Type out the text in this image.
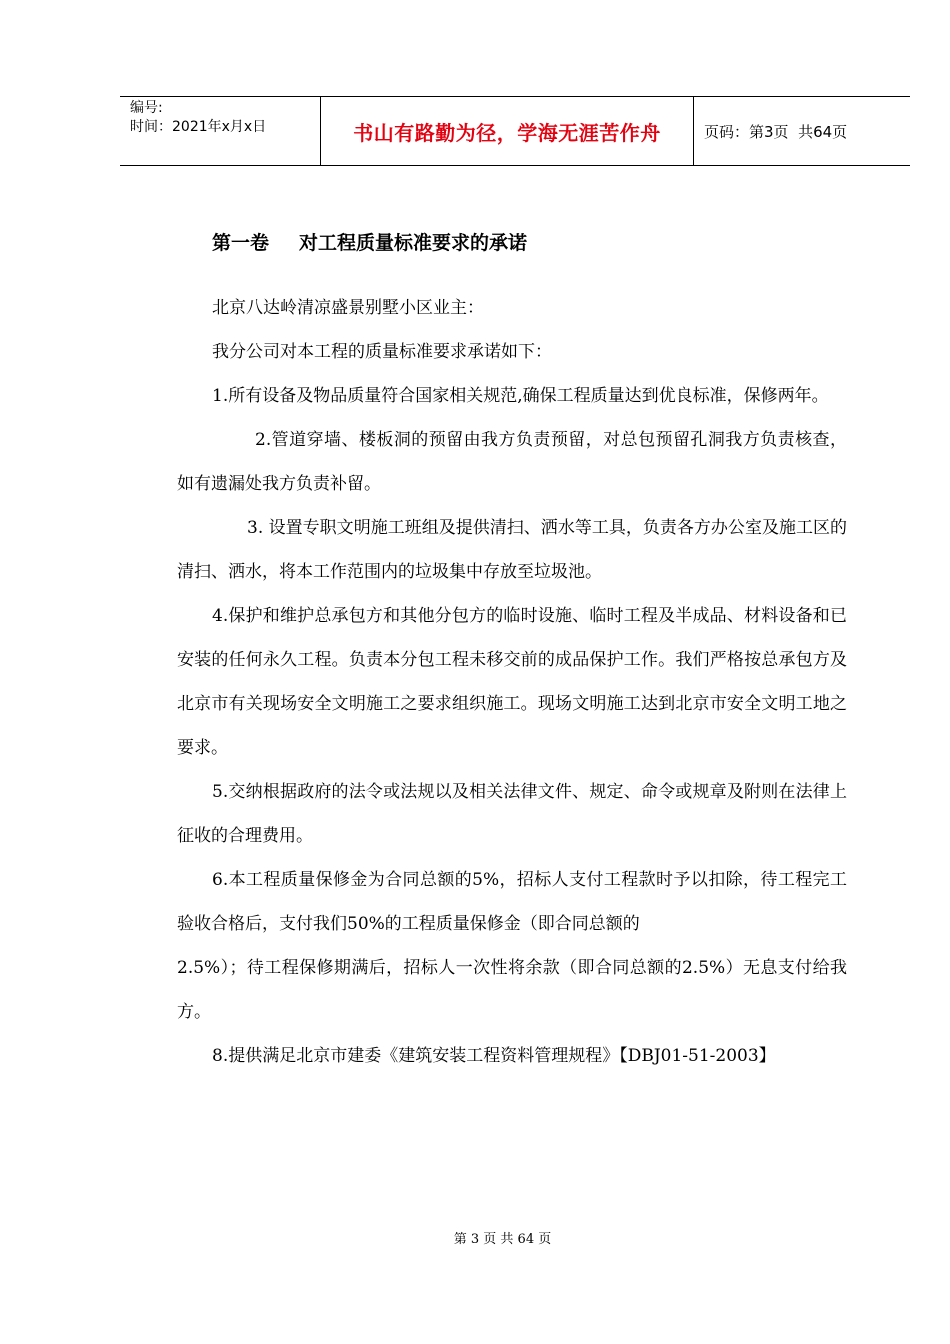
编号:
时间：2021年x月x日	书山有路勤为径，学海无涯苦作舟	页码：第3页  共64页
第一卷 对工程质量标准要求的承诺

北京八达岭清凉盛景别墅小区业主：

我分公司对本工程的质量标准要求承诺如下：

1.所有设备及物品质量符合国家相关规范,确保工程质量达到优良标准，保修两年。

2.管道穿墙、楼板洞的预留由我方负责预留，对总包预留孔洞我方负责核查，如有遗漏处我方负责补留。

3. 设置专职文明施工班组及提供清扫、洒水等工具，负责各方办公室及施工区的清扫、洒水，将本工作范围内的垃圾集中存放至垃圾池。

4.保护和维护总承包方和其他分包方的临时设施、临时工程及半成品、材料设备和已安装的任何永久工程。负责本分包工程未移交前的成品保护工作。我们严格按总承包方及北京市有关现场安全文明施工之要求组织施工。现场文明施工达到北京市安全文明工地之要求。

5.交纳根据政府的法令或法规以及相关法律文件、规定、命令或规章及附则在法律上征收的合理费用。

6.本工程质量保修金为合同总额的5%，招标人支付工程款时予以扣除，待工程完工验收合格后，支付我们50%的工程质量保修金（即合同总额的

2.5%）；待工程保修期满后，招标人一次性将余款（即合同总额的2.5%）无息支付给我方。

8.提供满足北京市建委《建筑安装工程资料管理规程》【DBJ01-51-2003】

第 3 页 共 64 页
